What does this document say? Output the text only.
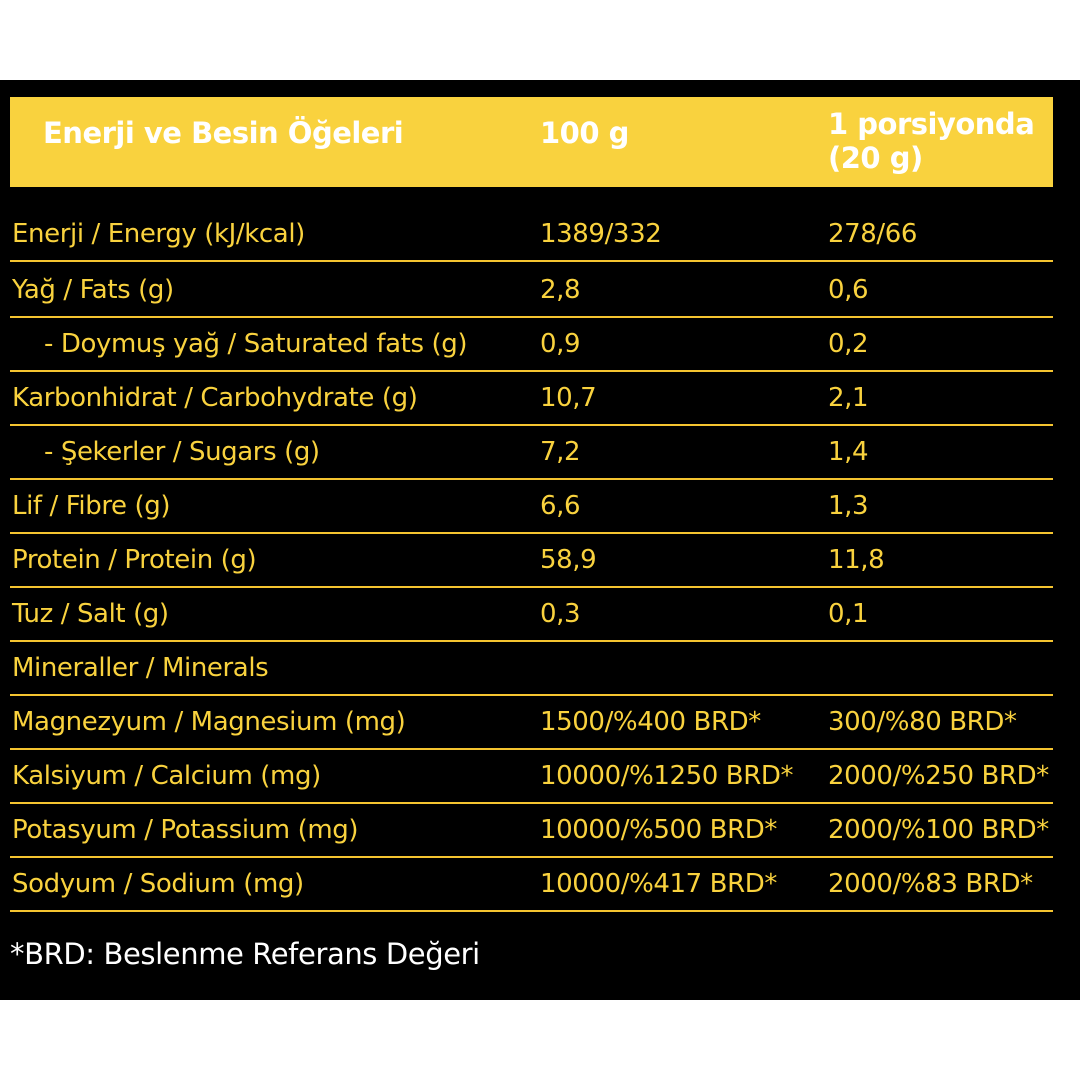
Enerji ve Besin Öğeleri	100 g	1 porsiyonda
(20 g)
Enerji / Energy (kJ/kcal)	1389/332	278/66
Yağ / Fats (g)	2,8	0,6
- Doymuş yağ / Saturated fats (g)	0,9	0,2
Karbonhidrat / Carbohydrate (g)	10,7	2,1
- Şekerler / Sugars (g)	7,2	1,4
Lif / Fibre (g)	6,6	1,3
Protein / Protein (g)	58,9	11,8
Tuz / Salt (g)	0,3	0,1
Mineraller / Minerals
Magnezyum / Magnesium (mg)	1500/%400 BRD*	300/%80 BRD*
Kalsiyum / Calcium (mg)	10000/%1250 BRD* 2000/%250 BRD*
Potasyum / Potassium (mg)	10000/%500 BRD* 2000/%100 BRD*
Sodyum / Sodium (mg)	10000/%417 BRD* 2000/%83 BRD*
*BRD: Beslenme Referans Değeri
